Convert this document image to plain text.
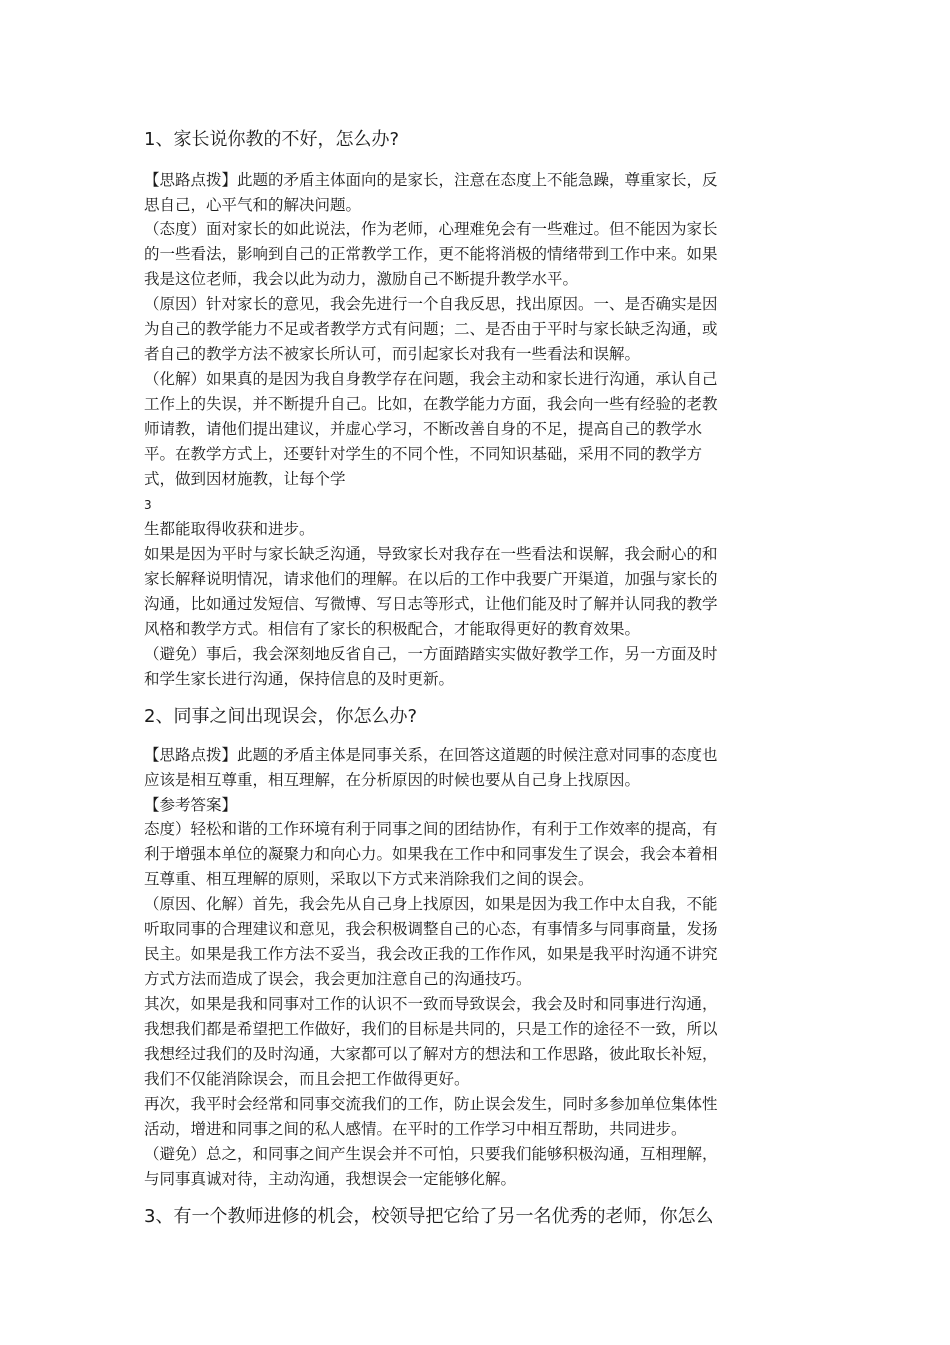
1、家长说你教的不好，怎么办?
【思路点拨】此题的矛盾主体面向的是家长，注意在态度上不能急躁，尊重家长，反
思自己，心平气和的解决问题。
（态度）面对家长的如此说法，作为老师，心理难免会有一些难过。但不能因为家长
的一些看法，影响到自己的正常教学工作，更不能将消极的情绪带到工作中来。如果
我是这位老师，我会以此为动力，激励自己不断提升教学水平。
（原因）针对家长的意见，我会先进行一个自我反思，找出原因。一、是否确实是因
为自己的教学能力不足或者教学方式有问题；二、是否由于平时与家长缺乏沟通，或
者自己的教学方法不被家长所认可，而引起家长对我有一些看法和误解。
（化解）如果真的是因为我自身教学存在问题，我会主动和家长进行沟通，承认自己
工作上的失误，并不断提升自己。比如，在教学能力方面，我会向一些有经验的老教
师请教，请他们提出建议，并虚心学习，不断改善自身的不足，提高自己的教学水
平。在教学方式上，还要针对学生的不同个性，不同知识基础，采用不同的教学方
式，做到因材施教，让每个学
3
生都能取得收获和进步。
如果是因为平时与家长缺乏沟通，导致家长对我存在一些看法和误解，我会耐心的和
家长解释说明情况，请求他们的理解。在以后的工作中我要广开渠道，加强与家长的
沟通，比如通过发短信、写微博、写日志等形式，让他们能及时了解并认同我的教学
风格和教学方式。相信有了家长的积极配合，才能取得更好的教育效果。
（避免）事后，我会深刻地反省自己，一方面踏踏实实做好教学工作，另一方面及时
和学生家长进行沟通，保持信息的及时更新。
2、同事之间出现误会，你怎么办?
【思路点拨】此题的矛盾主体是同事关系，在回答这道题的时候注意对同事的态度也
应该是相互尊重，相互理解，在分析原因的时候也要从自己身上找原因。
【参考答案】
态度）轻松和谐的工作环境有利于同事之间的团结协作，有利于工作效率的提高，有
利于增强本单位的凝聚力和向心力。如果我在工作中和同事发生了误会，我会本着相
互尊重、相互理解的原则，采取以下方式来消除我们之间的误会。
（原因、化解）首先，我会先从自己身上找原因，如果是因为我工作中太自我，不能
听取同事的合理建议和意见，我会积极调整自己的心态，有事情多与同事商量，发扬
民主。如果是我工作方法不妥当，我会改正我的工作作风，如果是我平时沟通不讲究
方式方法而造成了误会，我会更加注意自己的沟通技巧。
其次，如果是我和同事对工作的认识不一致而导致误会，我会及时和同事进行沟通，
我想我们都是希望把工作做好，我们的目标是共同的，只是工作的途径不一致，所以
我想经过我们的及时沟通，大家都可以了解对方的想法和工作思路，彼此取长补短，
我们不仅能消除误会，而且会把工作做得更好。
再次，我平时会经常和同事交流我们的工作，防止误会发生，同时多参加单位集体性
活动，增进和同事之间的私人感情。在平时的工作学习中相互帮助，共同进步。
（避免）总之，和同事之间产生误会并不可怕，只要我们能够积极沟通，互相理解，
与同事真诚对待，主动沟通，我想误会一定能够化解。
3、有一个教师进修的机会，校领导把它给了另一名优秀的老师，你怎么
